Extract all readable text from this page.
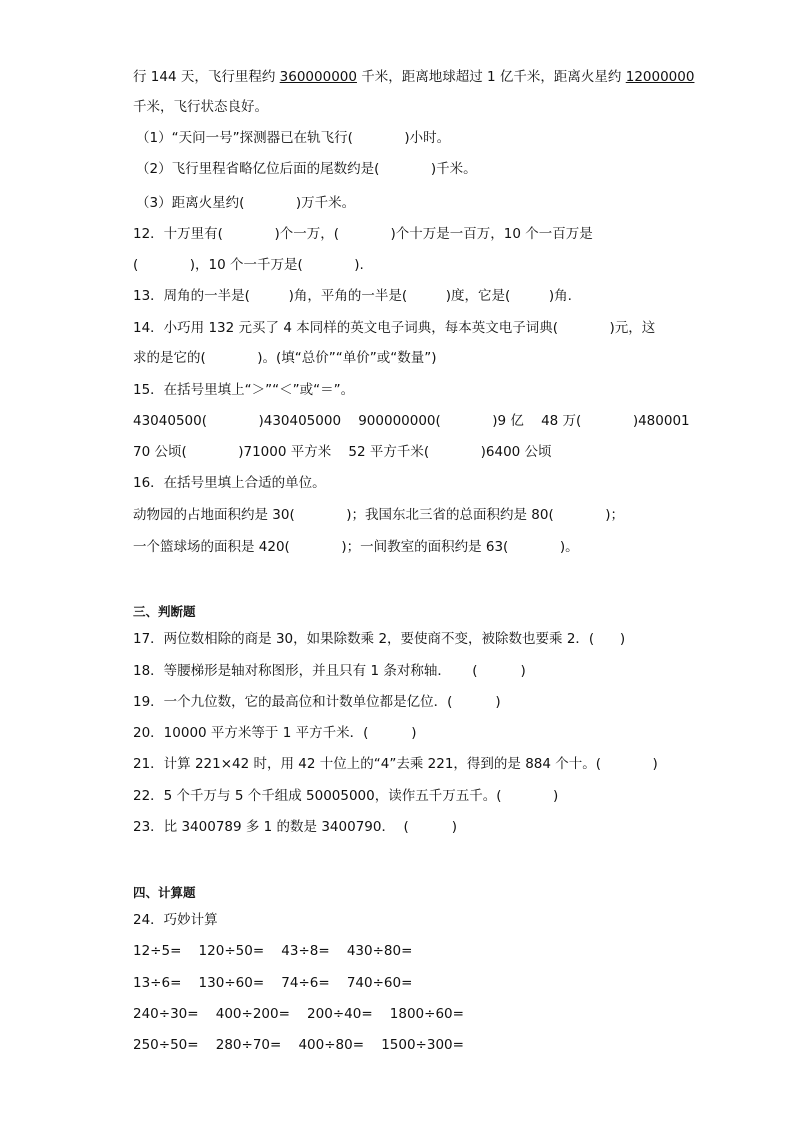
行 144 天，飞行里程约 360000000 千米，距离地球超过 1 亿千米，距离火星约 12000000
千米，飞行状态良好。
（1）“天问一号”探测器已在轨飞行(            )小时。
（2）飞行里程省略亿位后面的尾数约是(            )千米。
（3）距离火星约(            )万千米。
12．十万里有(            )个一万，(            )个十万是一百万，10 个一百万是
(            )，10 个一千万是(            ).
13．周角的一半是(         )角，平角的一半是(         )度，它是(         )角.
14．小巧用 132 元买了 4 本同样的英文电子词典，每本英文电子词典(            )元，这
求的是它的(            )。(填“总价”“单价”或“数量”)
15．在括号里填上“＞”“＜”或“＝”。
43040500(            )430405000    900000000(            )9 亿    48 万(            )480001
70 公顷(            )71000 平方米    52 平方千米(            )6400 公顷
16．在括号里填上合适的单位。
动物园的占地面积约是 30(            )；我国东北三省的总面积约是 80(            )；
一个篮球场的面积是 420(            )；一间教室的面积约是 63(            )。
三、判断题
17．两位数相除的商是 30，如果除数乘 2，要使商不变，被除数也要乘 2．(      )
18．等腰梯形是轴对称图形，并且只有 1 条对称轴．     (          )
19．一个九位数，它的最高位和计数单位都是亿位．(          )
20．10000 平方米等于 1 平方千米．(          )
21．计算 221×42 时，用 42 十位上的“4”去乘 221，得到的是 884 个十。(            )
22．5 个千万与 5 个千组成 50005000，读作五千万五千。(            )
23．比 3400789 多 1 的数是 3400790．  (          )
四、计算题
24．巧妙计算
12÷5=    120÷50=    43÷8=    430÷80=
13÷6=    130÷60=    74÷6=    740÷60=
240÷30=    400÷200=    200÷40=    1800÷60=
250÷50=    280÷70=    400÷80=    1500÷300=
